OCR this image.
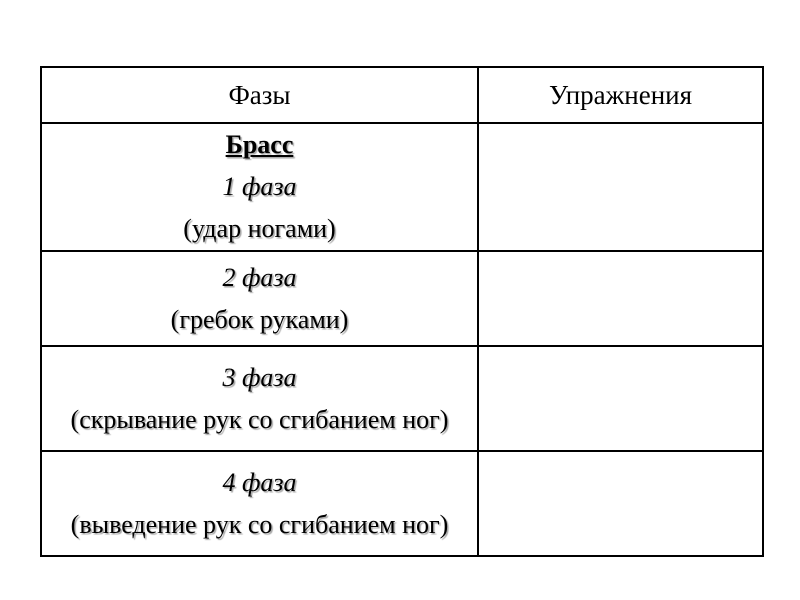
Фазы	Упражнения

Брасс
1 фаза
(удар ногами)	

2 фаза
(гребок руками)	

3 фаза
(скрывание рук со сгибанием ног)	

4 фаза
(выведение рук со сгибанием ног)	
